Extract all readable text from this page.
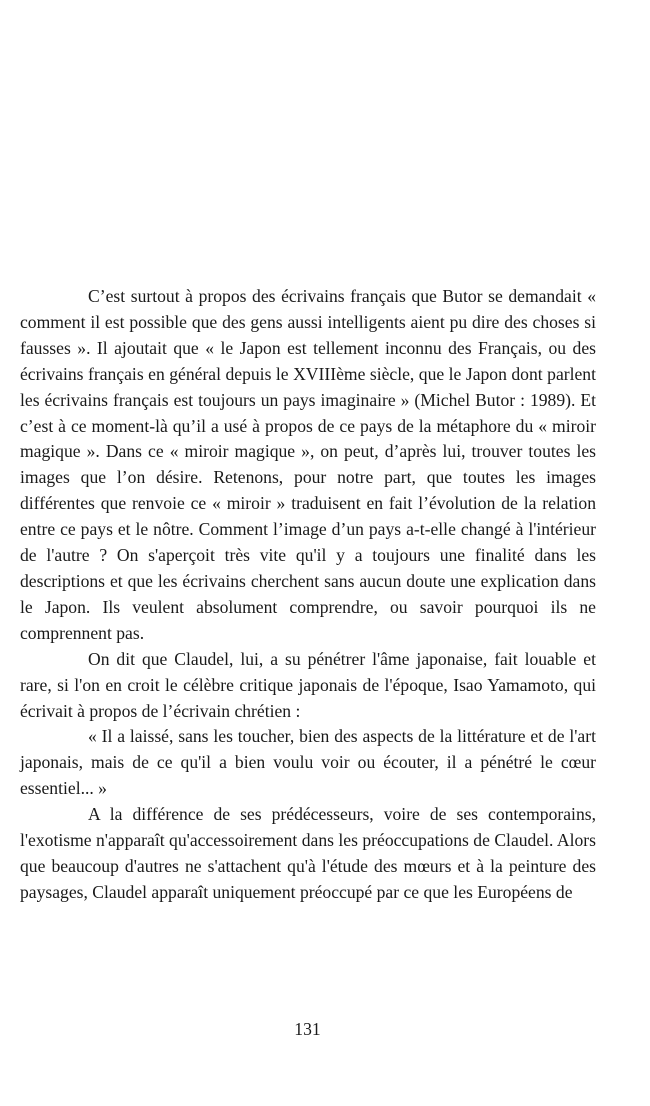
C’est surtout à propos des écrivains français que Butor se demandait « comment il est possible que des gens aussi intelligents aient pu dire des choses si fausses ». Il ajoutait que « le Japon est tellement inconnu des Français, ou des écrivains français en général depuis le XVIIIème siècle, que le Japon dont parlent les écrivains français est toujours un pays imaginaire » (Michel Butor : 1989). Et c’est à ce moment-là qu’il a usé à propos de ce pays de la métaphore du « miroir magique ». Dans ce « miroir magique », on peut, d’après lui, trouver toutes les images que l’on désire. Retenons, pour notre part, que toutes les images différentes que renvoie ce « miroir » traduisent en fait l’évolution de la relation entre ce pays et le nôtre. Comment l’image d’un pays a-t-elle changé à l'intérieur de l'autre ? On s'aperçoit très vite qu'il y a toujours une finalité dans les descriptions et que les écrivains cherchent sans aucun doute une explication dans le Japon. Ils veulent absolument comprendre, ou savoir pourquoi ils ne comprennent pas.

On dit que Claudel, lui, a su pénétrer l'âme japonaise, fait louable et rare, si l'on en croit le célèbre critique japonais de l'époque, Isao Yamamoto, qui écrivait à propos de l’écrivain chrétien :

« Il a laissé, sans les toucher, bien des aspects de la littérature et de l'art japonais, mais de ce qu'il a bien voulu voir ou écouter, il a pénétré le cœur essentiel... »

A la différence de ses prédécesseurs, voire de ses contemporains, l'exotisme n'apparaît qu'accessoirement dans les préoccupations de Claudel. Alors que beaucoup d'autres ne s'attachent qu'à l'étude des mœurs et à la peinture des paysages, Claudel apparaît uniquement préoccupé par ce que les Européens de

131
